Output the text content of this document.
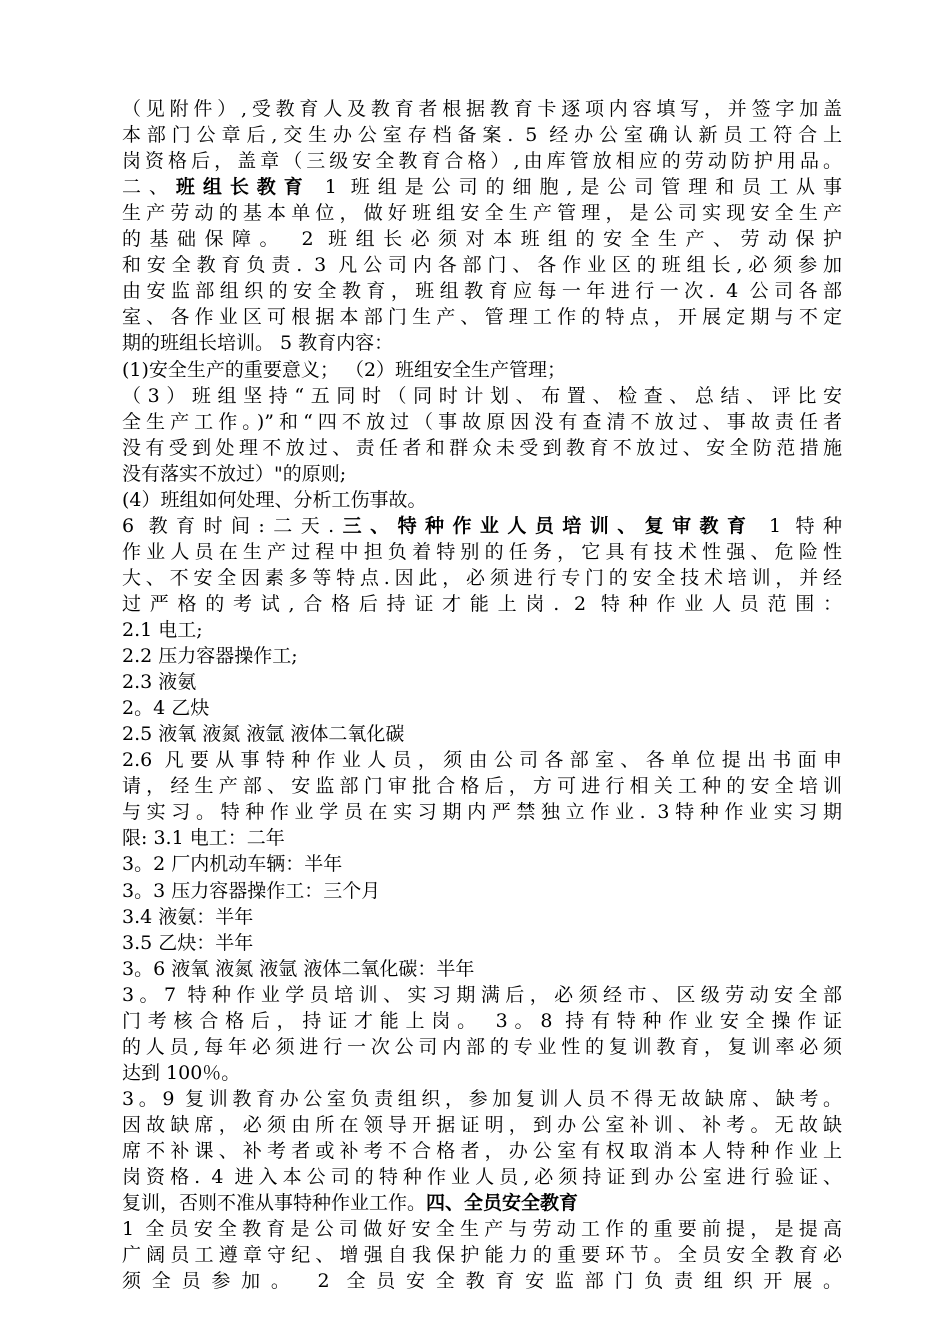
（见附件）,受教育人及教育者根据教育卡逐项内容填写，并签字加盖
本部门公章后,交生办公室存档备案. 5 经办公室确认新员工符合上
岗资格后，盖章（三级安全教育合格）,由库管放相应的劳动防护用品。
二、班组长教育 1 班组是公司的细胞,是公司管理和员工从事
生产劳动的基本单位，做好班组安全生产管理，是公司实现安全生产
的基础保障。 2 班组长必须对本班组的安全生产、劳动保护
和安全教育负责. 3 凡公司内各部门、各作业区的班组长,必须参加
由安监部组织的安全教育，班组教育应每一年进行一次. 4 公司各部
室、各作业区可根据本部门生产、管理工作的特点，开展定期与不定
期的班组长培训。 5 教育内容：
(1)安全生产的重要意义； （2）班组安全生产管理；
（3）班组坚持“五同时（同时计划、布置、检查、总结、评比安
全生产工作。)”和“四不放过（事故原因没有查清不放过、事故责任者
没有受到处理不放过、责任者和群众未受到教育不放过、安全防范措施
没有落实不放过）"的原则;
(4）班组如何处理、分析工伤事故。
6 教育时间:二天.三、特种作业人员培训、复审教育 1 特种
作业人员在生产过程中担负着特别的任务，它具有技术性强、危险性
大、不安全因素多等特点.因此，必须进行专门的安全技术培训，并经
过严格的考试,合格后持证才能上岗. 2 特种作业人员范围：
2.1 电工;
2.2 压力容器操作工;
2.3 液氨
2。4 乙炔
2.5 液氧 液氮 液氩 液体二氧化碳
2.6 凡要从事特种作业人员，须由公司各部室、各单位提出书面申
请，经生产部、安监部门审批合格后，方可进行相关工种的安全培训
与实习。特种作业学员在实习期内严禁独立作业. 3特种作业实习期
限: 3.1 电工：二年
3。2 厂内机动车辆：半年
3。3 压力容器操作工：三个月
3.4 液氨：半年
3.5 乙炔：半年
3。6 液氧 液氮 液氩 液体二氧化碳：半年
3。7 特种作业学员培训、实习期满后，必须经市、区级劳动安全部
门考核合格后，持证才能上岗。 3。8 持有特种作业安全操作证
的人员,每年必须进行一次公司内部的专业性的复训教育，复训率必须
达到 100％。
3。9 复训教育办公室负责组织，参加复训人员不得无故缺席、缺考。
因故缺席，必须由所在领导开据证明，到办公室补训、补考。无故缺
席不补课、补考者或补考不合格者，办公室有权取消本人特种作业上
岗资格. 4 进入本公司的特种作业人员,必须持证到办公室进行验证、
复训，否则不准从事特种作业工作。四、全员安全教育
1 全员安全教育是公司做好安全生产与劳动工作的重要前提，是提高
广阔员工遵章守纪、增强自我保护能力的重要环节。全员安全教育必
须全员参加。 2 全员安全教育安监部门负责组织开展。
